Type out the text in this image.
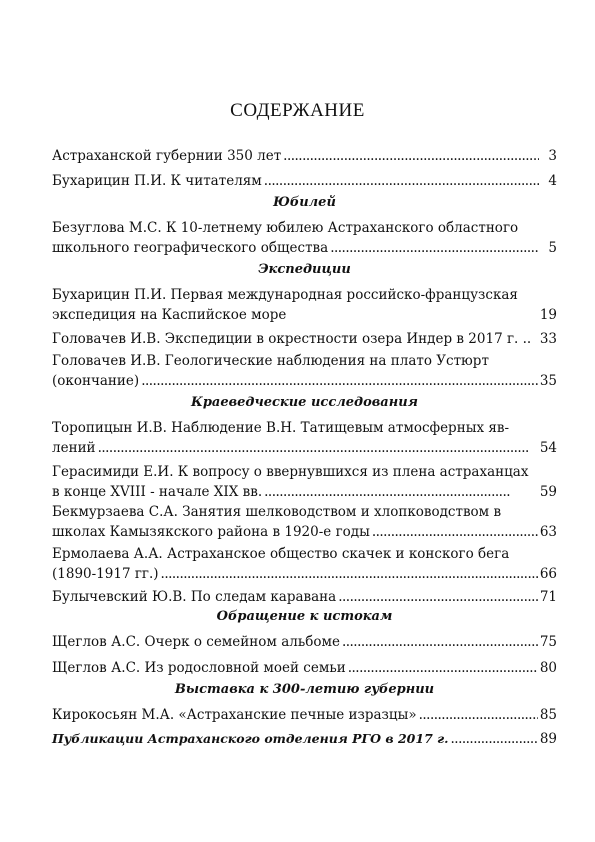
СОДЕРЖАНИЕ
Астраханской губернии 350 лет . . .	3
Бухарицин П.И. К читателям . . .	4
Юбилей
Безуглова М.С. К 10-летнему юбилею Астраханского областного
школьного географического общества . . .	5
Экспедиции
Бухарицин П.И. Первая международная российско-французская
экспедиция на Каспийское море	19
Головачев И.В. Экспедиции в окрестности озера Индер в 2017 г. .. 33
Головачев И.В. Геологические наблюдения на плато Устюрт
(окончание) . . .	35
Краеведческие исследования
Торопицын И.В. Наблюдение В.Н. Татищевым атмосферных яв-
лений . . .	54
Герасимиди Е.И. К вопросу о ввернувшихся из плена астраханцах
в конце XVIII - начале XIX вв. . . .	59
Бекмурзаева С.А. Занятия шелководством и хлопководством в
школах Камызякского района в 1920-е годы . . .	63
Ермолаева А.А. Астраханское общество скачек и конского бега
(1890-1917 гг.) . . .	66
Булычевский Ю.В. По следам каравана . . .	71
Обращение к истокам
Щеглов А.С. Очерк о семейном альбоме . . .	75
Щеглов А.С. Из родословной моей семьи . . .	80
Выставка к 300-летию губернии
Кирокосьян М.А. «Астраханские печные изразцы» . . .	85
Публикации Астраханского отделения РГО в 2017 г. . . .	89
